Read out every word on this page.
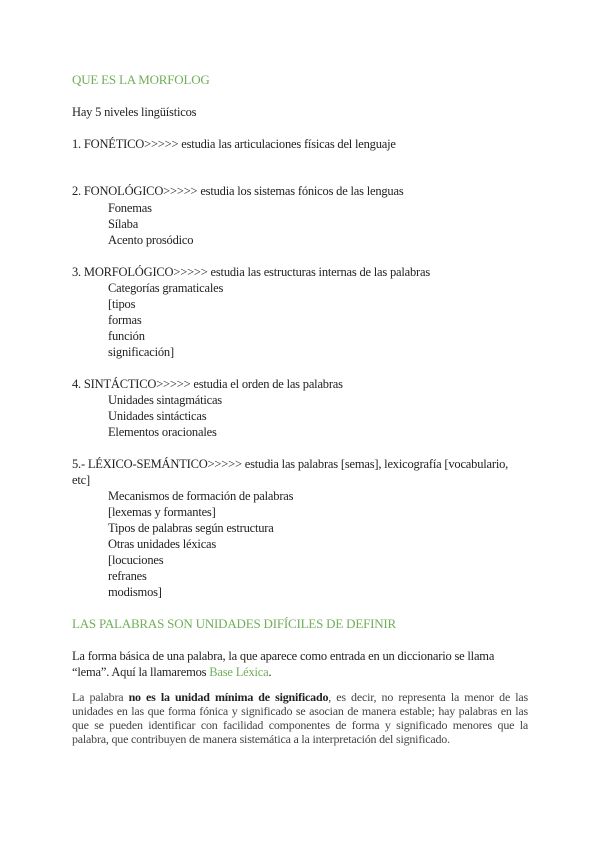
QUE ES LA MORFOLOG
Hay 5 niveles lingüísticos
1. FONÉTICO>>>>> estudia las articulaciones físicas del lenguaje
2. FONOLÓGICO>>>>> estudia los sistemas fónicos de las lenguas
Fonemas
Sílaba
Acento prosódico
3. MORFOLÓGICO>>>>> estudia las estructuras internas de las palabras
Categorías gramaticales
[tipos
formas
función
significación]
4. SINTÁCTICO>>>>> estudia el orden de las palabras
Unidades sintagmáticas
Unidades sintácticas
Elementos oracionales
5.- LÉXICO-SEMÁNTICO>>>>> estudia las palabras [semas], lexicografía [vocabulario, etc]
Mecanismos de formación de palabras
[lexemas y formantes]
Tipos de palabras según estructura
Otras unidades léxicas
[locuciones
refranes
modismos]
LAS PALABRAS SON UNIDADES DIFÍCILES DE DEFINIR
La forma básica de una palabra, la que aparece como entrada en un diccionario se llama “lema”. Aquí la llamaremos Base Léxica.
La palabra no es la unidad mínima de significado, es decir, no representa la menor de las unidades en las que forma fónica y significado se asocian de manera estable; hay palabras en las que se pueden identificar con facilidad componentes de forma y significado menores que la palabra, que contribuyen de manera sistemática a la interpretación del significado.
